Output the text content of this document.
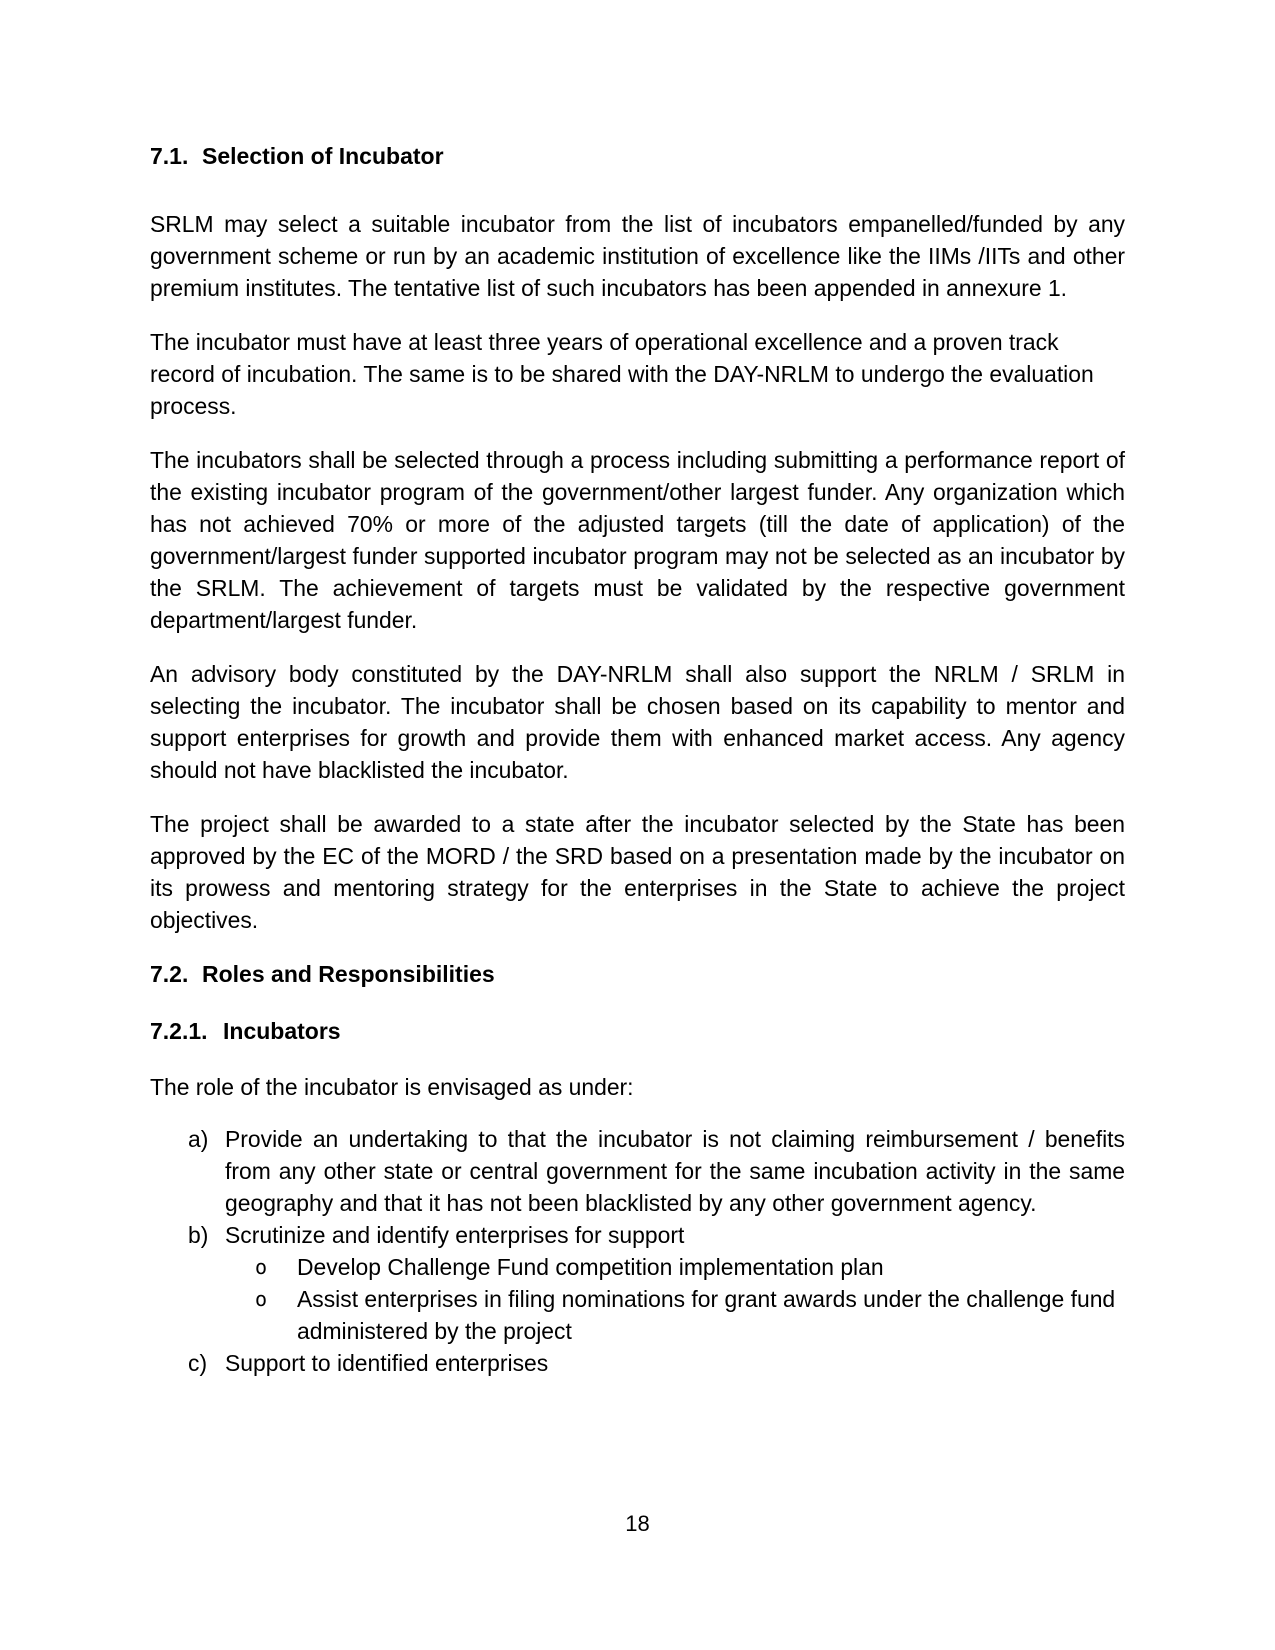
7.1. Selection of Incubator

SRLM may select a suitable incubator from the list of incubators empanelled/funded by any government scheme or run by an academic institution of excellence like the IIMs /IITs and other premium institutes. The tentative list of such incubators has been appended in annexure 1.

The incubator must have at least three years of operational excellence and a proven track record of incubation. The same is to be shared with the DAY-NRLM to undergo the evaluation process.

The incubators shall be selected through a process including submitting a performance report of the existing incubator program of the government/other largest funder. Any organization which has not achieved 70% or more of the adjusted targets (till the date of application) of the government/largest funder supported incubator program may not be selected as an incubator by the SRLM. The achievement of targets must be validated by the respective government department/largest funder.

An advisory body constituted by the DAY-NRLM shall also support the NRLM / SRLM in selecting the incubator. The incubator shall be chosen based on its capability to mentor and support enterprises for growth and provide them with enhanced market access. Any agency should not have blacklisted the incubator.

The project shall be awarded to a state after the incubator selected by the State has been approved by the EC of the MORD / the SRD based on a presentation made by the incubator on its prowess and mentoring strategy for the enterprises in the State to achieve the project objectives.

7.2. Roles and Responsibilities
7.2.1. Incubators

The role of the incubator is envisaged as under:

a) Provide an undertaking to that the incubator is not claiming reimbursement / benefits from any other state or central government for the same incubation activity in the same geography and that it has not been blacklisted by any other government agency.
b) Scrutinize and identify enterprises for support
o	Develop Challenge Fund competition implementation plan
o	Assist enterprises in filing nominations for grant awards under the challenge fund administered by the project
c) Support to identified enterprises
18
